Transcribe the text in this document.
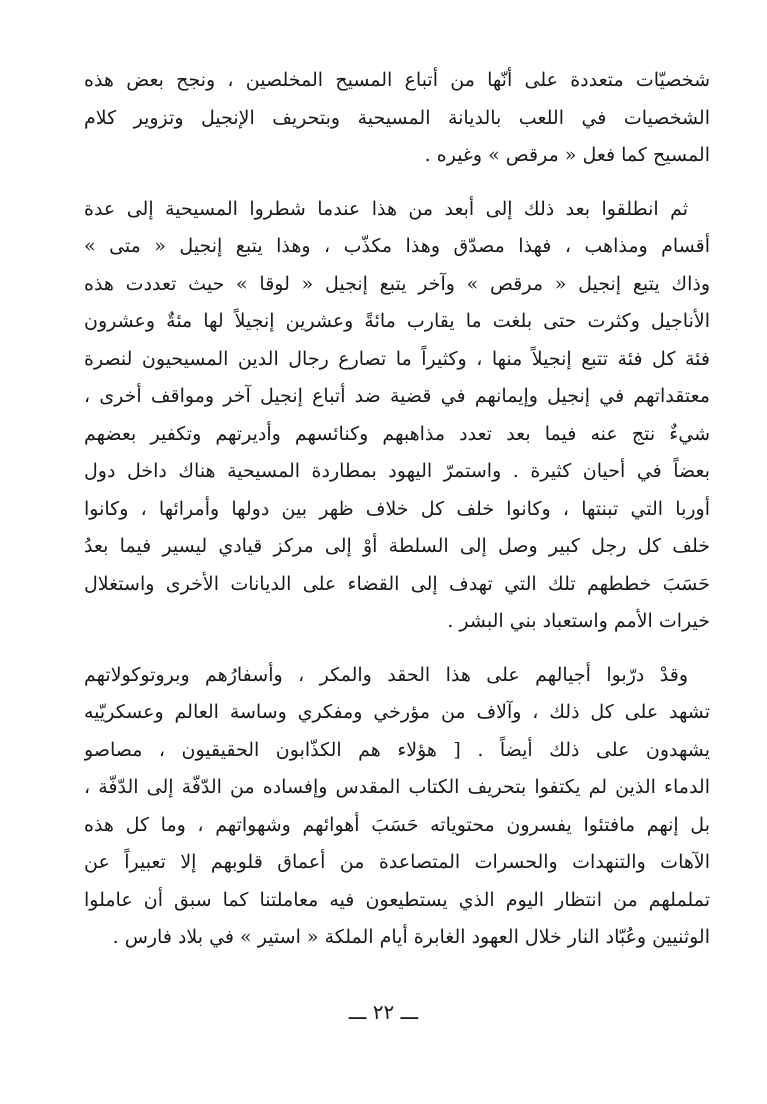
شخصيّات متعددة على أنّها من أتباع المسيح المخلصين ، ونجح بعض هذه
الشخصيات في اللعب بالديانة المسيحية وبتحريف الإنجيل وتزوير كلام
المسيح كما فعل « مرقص » وغيره .
ثم انطلقوا بعد ذلك إلى أبعد من هذا عندما شطروا المسيحية إلى عدة
أقسام ومذاهب ، فهذا مصدّق وهذا مكذّب ، وهذا يتبع إنجيل « متى »
وذاك يتبع إنجيل « مرقص » وآخر يتبع إنجيل « لوقا » حيث تعددت هذه
الأناجيل وكثرت حتى بلغت ما يقارب مائةً وعشرين إنجيلاً لها مئةٌ وعشرون
فئة كل فئة تتبع إنجيلاً منها ، وكثيراً ما تصارع رجال الدين المسيحيون لنصرة
معتقداتهم في إنجيل وإيمانهم في قضية ضد أتباع إنجيل آخر ومواقف أخرى ،
شيءٌ نتج عنه فيما بعد تعدد مذاهبهم وكنائسهم وأديرتهم وتكفير بعضهم
بعضاً في أحيان كثيرة . واستمرّ اليهود بمطاردة المسيحية هناك داخل دول
أوربا التي تبنتها ، وكانوا خلف كل خلاف ظهر بين دولها وأمرائها ، وكانوا
خلف كل رجل كبير وصل إلى السلطة أوْ إلى مركز قيادي ليسير فيما بعدُ
حَسَبَ خططهم تلك التي تهدف إلى القضاء على الديانات الأخرى واستغلال
خيرات الأمم واستعباد بني البشر .
وقدْ درّبوا أجيالهم على هذا الحقد والمكر ، وأسفارُهم وبروتوكولاتهم
تشهد على كل ذلك ، وآلاف من مؤرخي ومفكري وساسة العالم وعسكريّيه
يشهدون على ذلك أيضاً . [ هؤلاء هم الكذّابون الحقيقيون ، مصاصو
الدماء الذين لم يكتفوا بتحريف الكتاب المقدس وإفساده من الدّفّة إلى الدّفّة ،
بل إنهم مافتئوا يفسرون محتوياته حَسَبَ أهوائهم وشهواتهم ، وما كل هذه
الآهات والتنهدات والحسرات المتصاعدة من أعماق قلوبهم إلا تعبيراً عن
تململهم من انتظار اليوم الذي يستطيعون فيه معاملتنا كما سبق أن عاملوا
الوثنيين وعُبّاد النار خلال العهود الغابرة أيام الملكة « استير » في بلاد فارس .
ـــ ٢٢ ـــ
